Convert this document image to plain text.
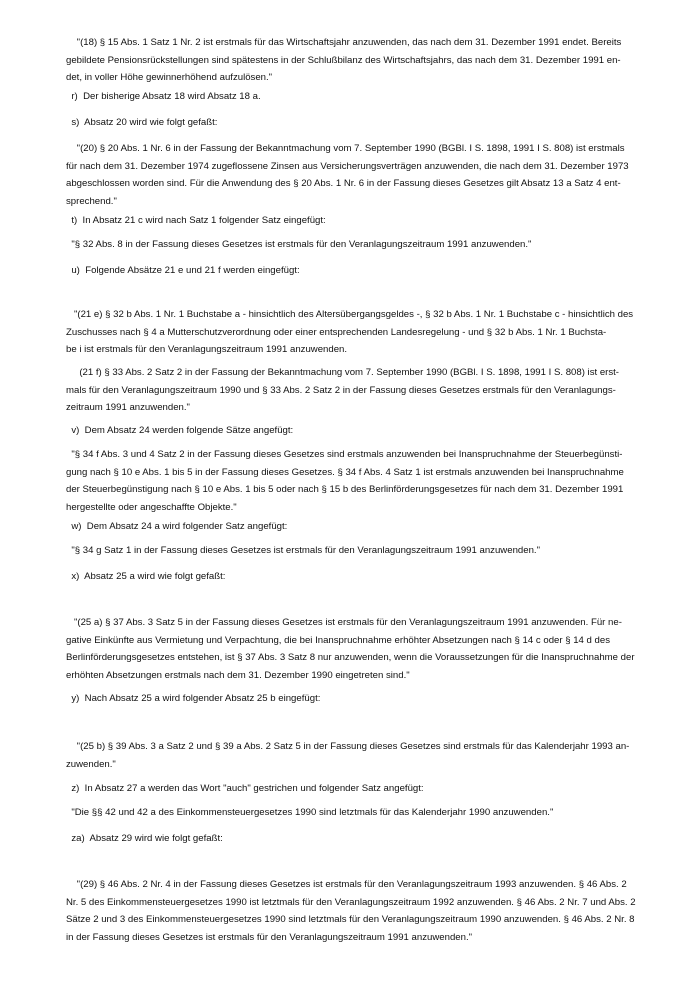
"(18) § 15 Abs. 1 Satz 1 Nr. 2 ist erstmals für das Wirtschaftsjahr anzuwenden, das nach dem 31. Dezember 1991 endet. Bereits gebildete Pensionsrückstellungen sind spätestens in der Schlußbilanz des Wirtschaftsjahrs, das nach dem 31. Dezember 1991 en-
det, in voller Höhe gewinnerhöhend aufzulösen."

r)  Der bisherige Absatz 18 wird Absatz 18 a.

s)  Absatz 20 wird wie folgt gefaßt:

"(20) § 20 Abs. 1 Nr. 6 in der Fassung der Bekanntmachung vom 7. September 1990 (BGBl. I S. 1898, 1991 I S. 808) ist erstmals für nach dem 31. Dezember 1974 zugeflossene Zinsen aus Versicherungsverträgen anzuwenden, die nach dem 31. Dezember 1973 abgeschlossen worden sind. Für die Anwendung des § 20 Abs. 1 Nr. 6 in der Fassung dieses Gesetzes gilt Absatz 13 a Satz 4 ent-
sprechend."

t)  In Absatz 21 c wird nach Satz 1 folgender Satz eingefügt:

"§ 32 Abs. 8 in der Fassung dieses Gesetzes ist erstmals für den Veranlagungszeitraum 1991 anzuwenden."

u)  Folgende Absätze 21 e und 21 f werden eingefügt:

"(21 e) § 32 b Abs. 1 Nr. 1 Buchstabe a - hinsichtlich des Altersübergangsgeldes -, § 32 b Abs. 1 Nr. 1 Buchstabe c - hinsichtlich des Zuschusses nach § 4 a Mutterschutzverordnung oder einer entsprechenden Landesregelung - und § 32 b Abs. 1 Nr. 1 Buchsta-
be i ist erstmals für den Veranlagungszeitraum 1991 anzuwenden.

(21 f) § 33 Abs. 2 Satz 2 in der Fassung der Bekanntmachung vom 7. September 1990 (BGBl. I S. 1898, 1991 I S. 808) ist erst-
mals für den Veranlagungszeitraum 1990 und § 33 Abs. 2 Satz 2 in der Fassung dieses Gesetzes erstmals für den Veranlagungs-
zeitraum 1991 anzuwenden."

v)  Dem Absatz 24 werden folgende Sätze angefügt:

"§ 34 f Abs. 3 und 4 Satz 2 in der Fassung dieses Gesetzes sind erstmals anzuwenden bei Inanspruchnahme der Steuerbegünsti-
gung nach § 10 e Abs. 1 bis 5 in der Fassung dieses Gesetzes. § 34 f Abs. 4 Satz 1 ist erstmals anzuwenden bei Inanspruchnahme der Steuerbegünstigung nach § 10 e Abs. 1 bis 5 oder nach § 15 b des Berlinförderungsgesetzes für nach dem 31. Dezember 1991 hergestellte oder angeschaffte Objekte."

w)  Dem Absatz 24 a wird folgender Satz angefügt:

"§ 34 g Satz 1 in der Fassung dieses Gesetzes ist erstmals für den Veranlagungszeitraum 1991 anzuwenden."

x)  Absatz 25 a wird wie folgt gefaßt:

"(25 a) § 37 Abs. 3 Satz 5 in der Fassung dieses Gesetzes ist erstmals für den Veranlagungszeitraum 1991 anzuwenden. Für ne-
gative Einkünfte aus Vermietung und Verpachtung, die bei Inanspruchnahme erhöhter Absetzungen nach § 14 c oder § 14 d des Berlinförderungsgesetzes entstehen, ist § 37 Abs. 3 Satz 8 nur anzuwenden, wenn die Voraussetzungen für die Inanspruchnahme der erhöhten Absetzungen erstmals nach dem 31. Dezember 1990 eingetreten sind."

y)  Nach Absatz 25 a wird folgender Absatz 25 b eingefügt:

"(25 b) § 39 Abs. 3 a Satz 2 und § 39 a Abs. 2 Satz 5 in der Fassung dieses Gesetzes sind erstmals für das Kalenderjahr 1993 an-
zuwenden."

z)  In Absatz 27 a werden das Wort "auch" gestrichen und folgender Satz angefügt:

"Die §§ 42 und 42 a des Einkommensteuergesetzes 1990 sind letztmals für das Kalenderjahr 1990 anzuwenden."

za)  Absatz 29 wird wie folgt gefaßt:

"(29) § 46 Abs. 2 Nr. 4 in der Fassung dieses Gesetzes ist erstmals für den Veranlagungszeitraum 1993 anzuwenden. § 46 Abs. 2 Nr. 5 des Einkommensteuergesetzes 1990 ist letztmals für den Veranlagungszeitraum 1992 anzuwenden. § 46 Abs. 2 Nr. 7 und Abs. 2 Sätze 2 und 3 des Einkommensteuergesetzes 1990 sind letztmals für den Veranlagungszeitraum 1990 anzuwenden. § 46 Abs. 2 Nr. 8 in der Fassung dieses Gesetzes ist erstmals für den Veranlagungszeitraum 1991 anzuwenden."
